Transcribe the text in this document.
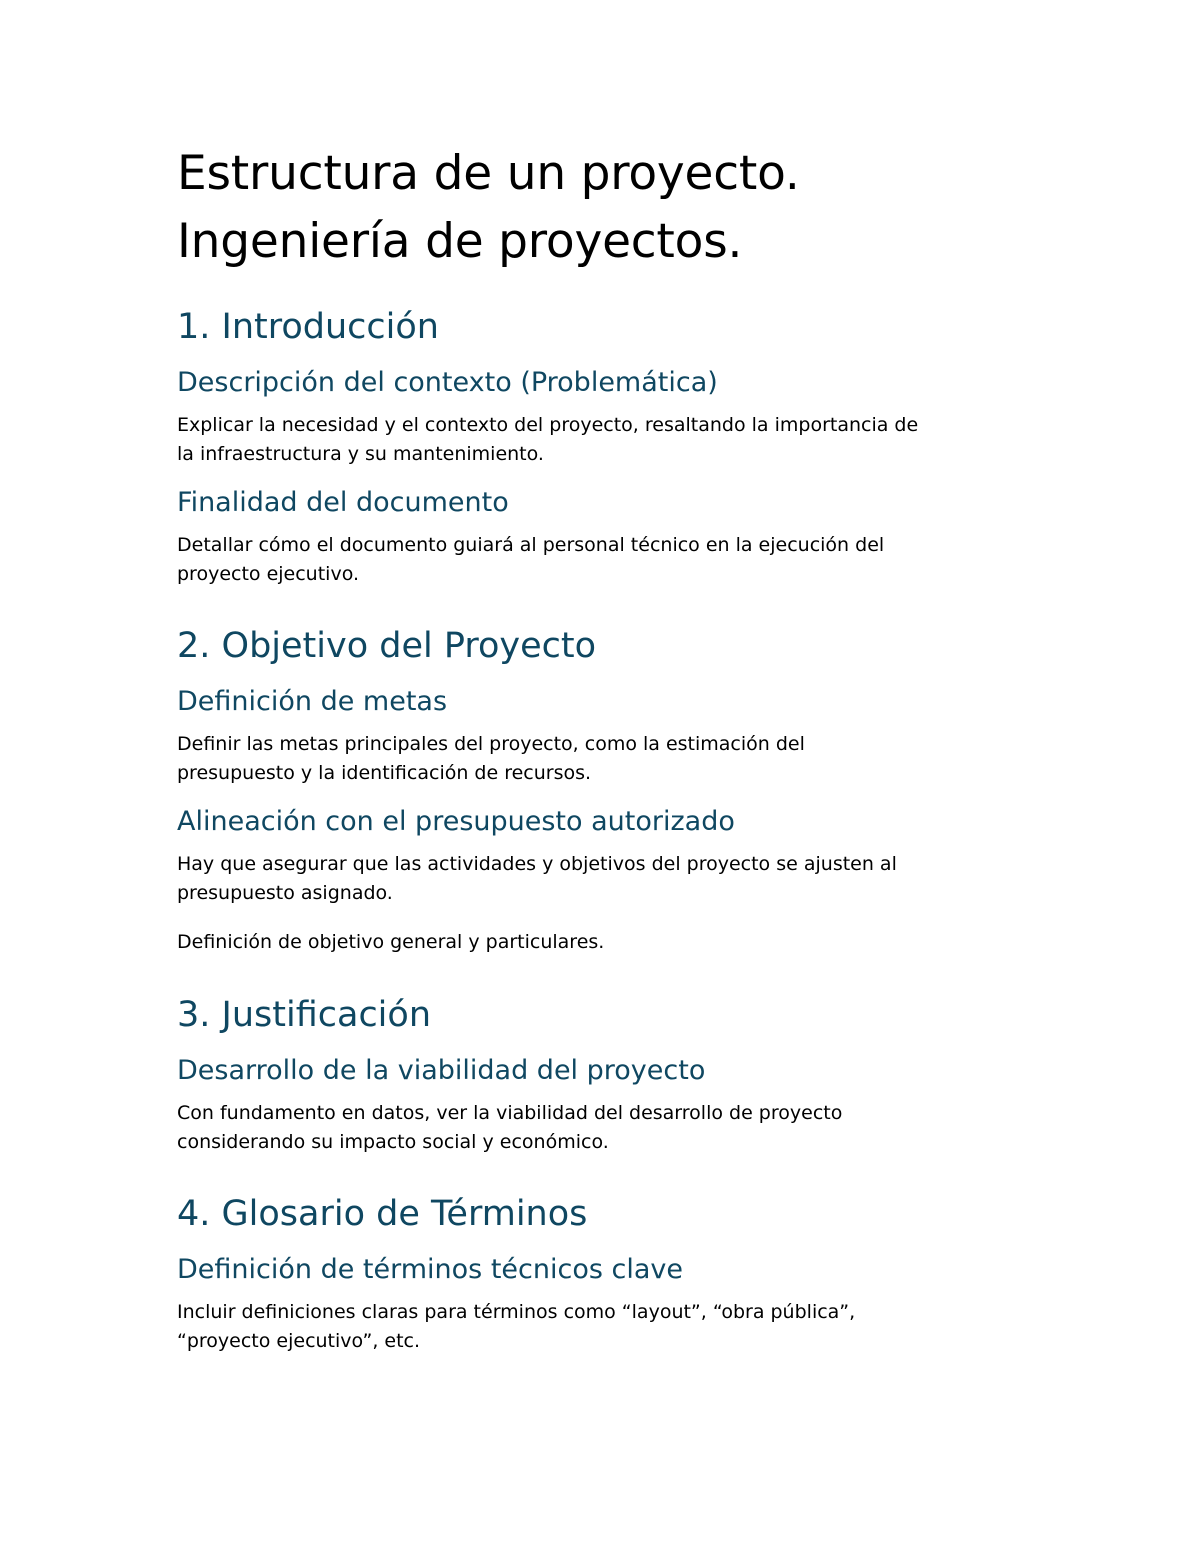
Estructura de un proyecto.
Ingeniería de proyectos.
1. Introducción
Descripción del contexto (Problemática)

Explicar la necesidad y el contexto del proyecto, resaltando la importancia de

la infraestructura y su mantenimiento.

Finalidad del documento

Detallar cómo el documento guiará al personal técnico en la ejecución del

proyecto ejecutivo.

2. Objetivo del Proyecto
Definición de metas

Definir las metas principales del proyecto, como la estimación del

presupuesto y la identificación de recursos.

Alineación con el presupuesto autorizado

Hay que asegurar que las actividades y objetivos del proyecto se ajusten al

presupuesto asignado.

Definición de objetivo general y particulares.

3. Justificación
Desarrollo de la viabilidad del proyecto

Con fundamento en datos, ver la viabilidad del desarrollo de proyecto

considerando su impacto social y económico.

4. Glosario de Términos
Definición de términos técnicos clave

Incluir definiciones claras para términos como “layout”, “obra pública”,

“proyecto ejecutivo”, etc.
